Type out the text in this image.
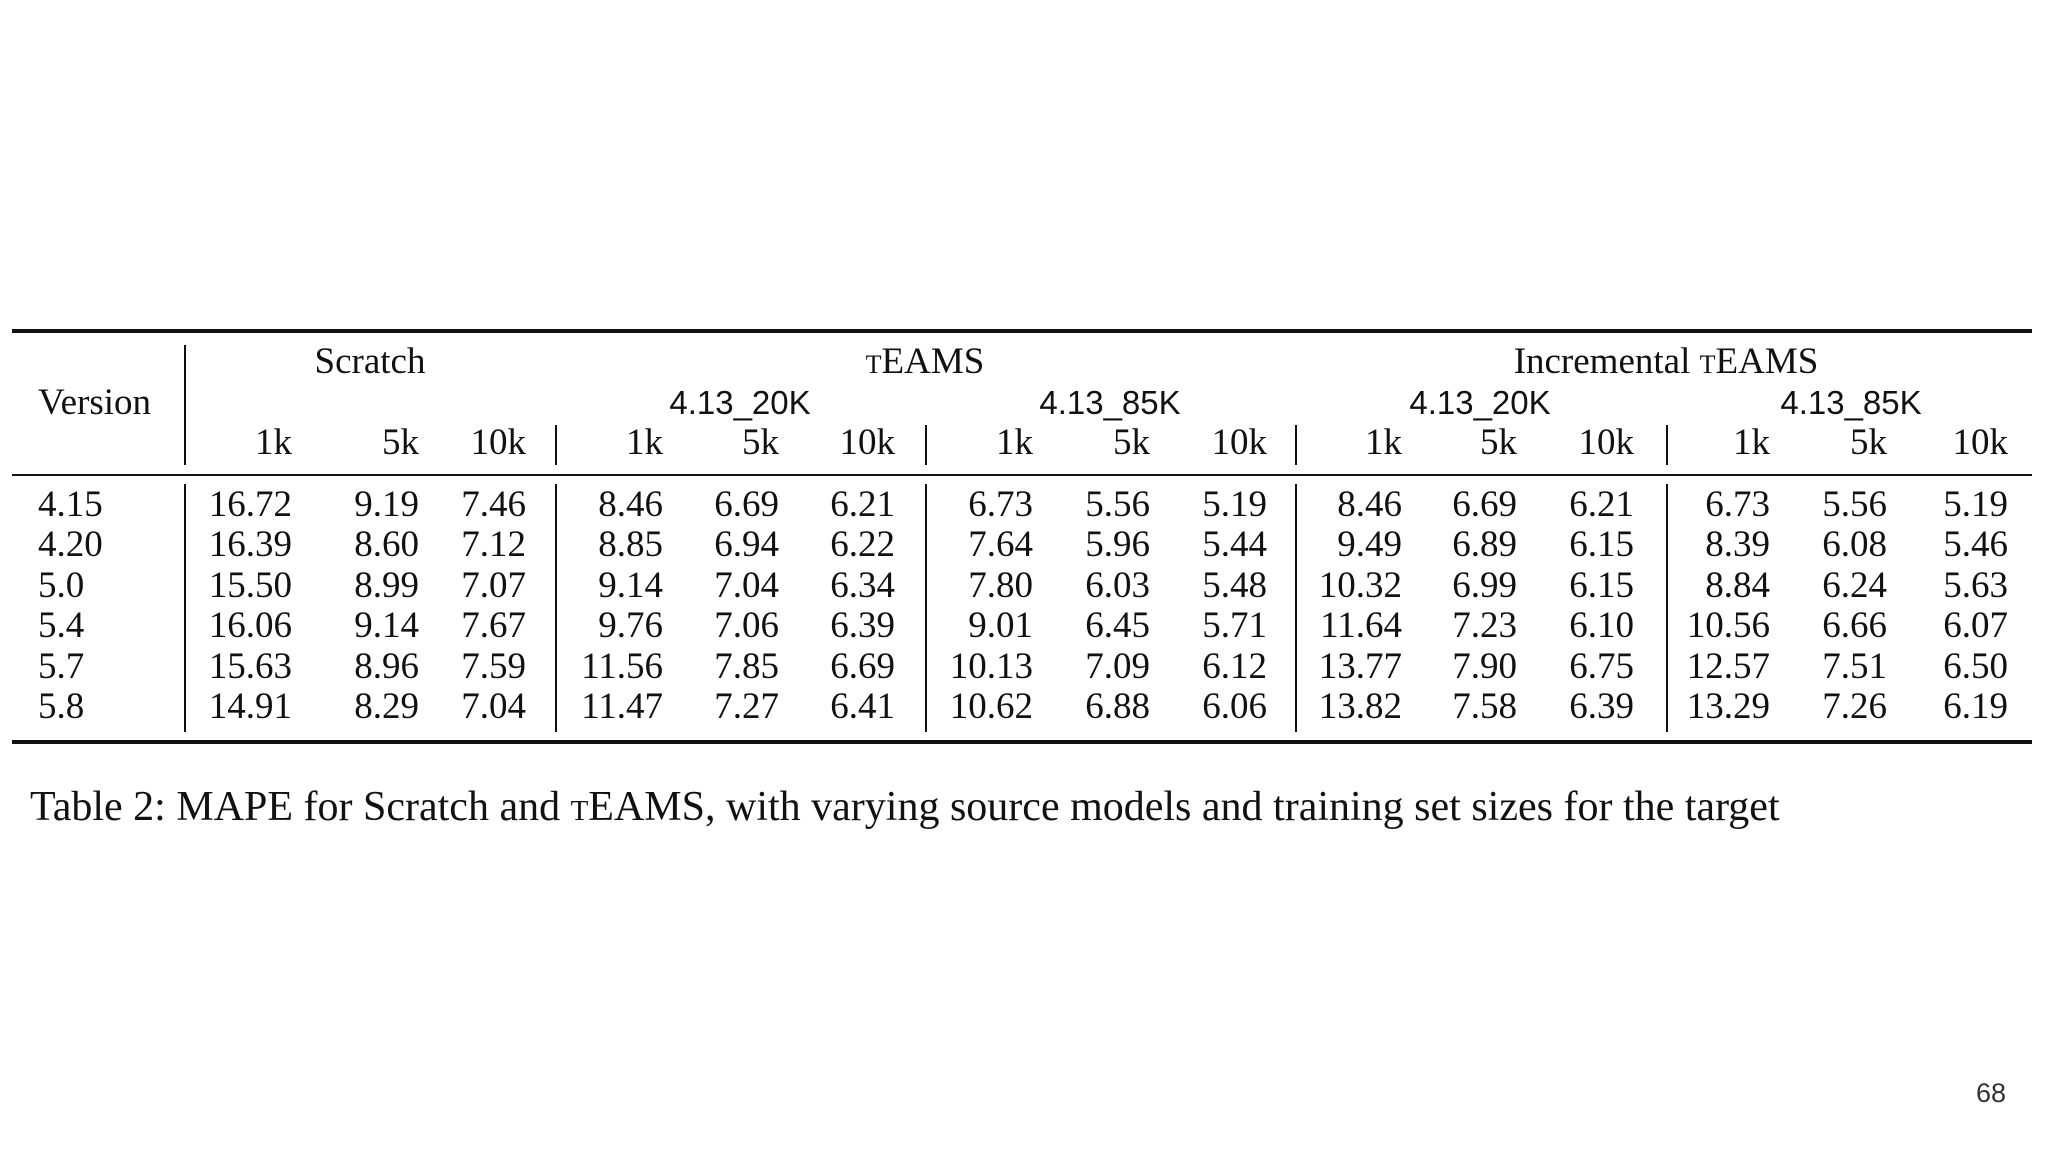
Version
Scratch	tEAMS	Incremental tEAMS
4.13_20K	4.13_85K	4.13_20K	4.13_85K
1k	5k	10k	1k	5k	10k	1k	5k	10k	1k	5k	10k	1k	5k	10k
4.15	16.72	9.19	7.46	8.46	6.69	6.21	6.73	5.56	5.19	8.46	6.69	6.21	6.73	5.56	5.19
4.20	16.39	8.60	7.12	8.85	6.94	6.22	7.64	5.96	5.44	9.49	6.89	6.15	8.39	6.08	5.46
5.0	15.50	8.99	7.07	9.14	7.04	6.34	7.80	6.03	5.48	10.32	6.99	6.15	8.84	6.24	5.63
5.4	16.06	9.14	7.67	9.76	7.06	6.39	9.01	6.45	5.71	11.64	7.23	6.10	10.56	6.66	6.07
5.7	15.63	8.96	7.59	11.56	7.85	6.69	10.13	7.09	6.12	13.77	7.90	6.75	12.57	7.51	6.50
5.8	14.91	8.29	7.04	11.47	7.27	6.41	10.62	6.88	6.06	13.82	7.58	6.39	13.29	7.26	6.19
Table 2: MAPE for Scratch and tEAMS, with varying source models and training set sizes for the target
68
